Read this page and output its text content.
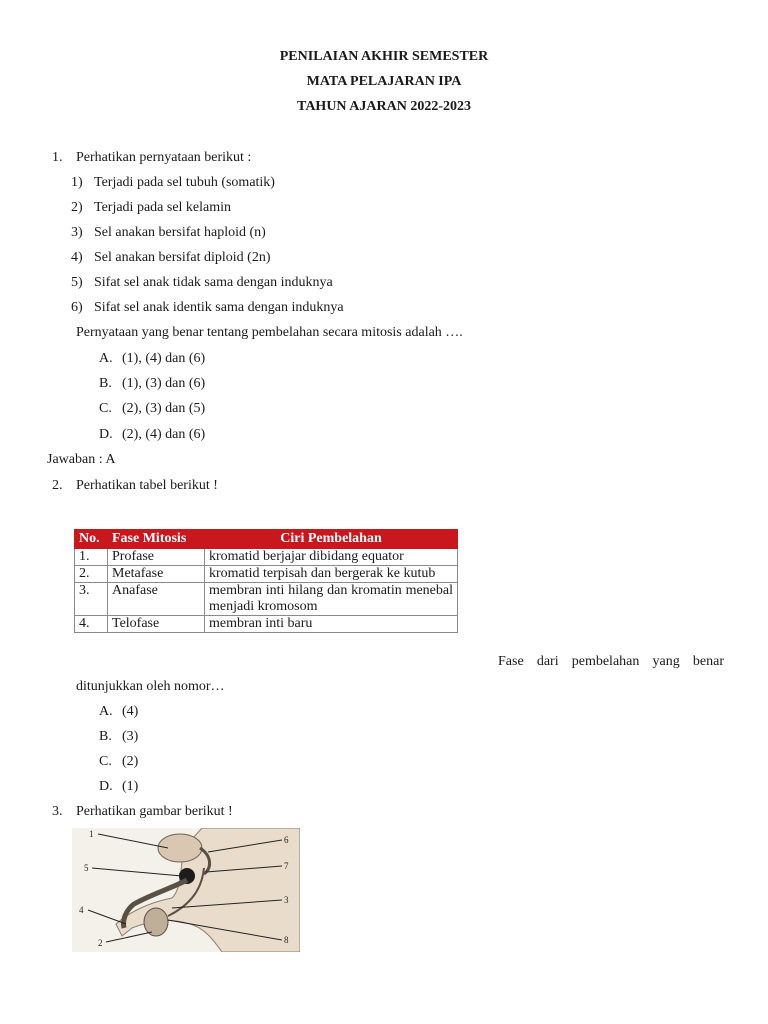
PENILAIAN AKHIR SEMESTER
MATA PELAJARAN IPA
TAHUN AJARAN 2022-2023
1. Perhatikan pernyataan berikut :
1) Terjadi pada sel tubuh (somatik)
2) Terjadi pada sel kelamin
3) Sel anakan bersifat haploid (n)
4) Sel anakan bersifat diploid (2n)
5) Sifat sel anak tidak sama dengan induknya
6) Sifat sel anak identik sama dengan induknya
Pernyataan yang benar tentang pembelahan secara mitosis adalah ….
A. (1), (4) dan (6)
B. (1), (3) dan (6)
C. (2), (3) dan (5)
D. (2), (4) dan (6)
Jawaban : A
2. Perhatikan tabel berikut !
No.	Fase Mitosis	Ciri Pembelahan
1.	Profase	kromatid berjajar dibidang equator
2.	Metafase	kromatid terpisah dan bergerak ke kutub
3.	Anafase	membran inti hilang dan kromatin menebal menjadi kromosom
4.	Telofase	membran inti baru
Fase dari pembelahan yang benar
ditunjukkan oleh nomor…
A. (4)
B. (3)
C. (2)
D. (1)
3. Perhatikan gambar berikut !
1
2
3
4
5
6
7
8
